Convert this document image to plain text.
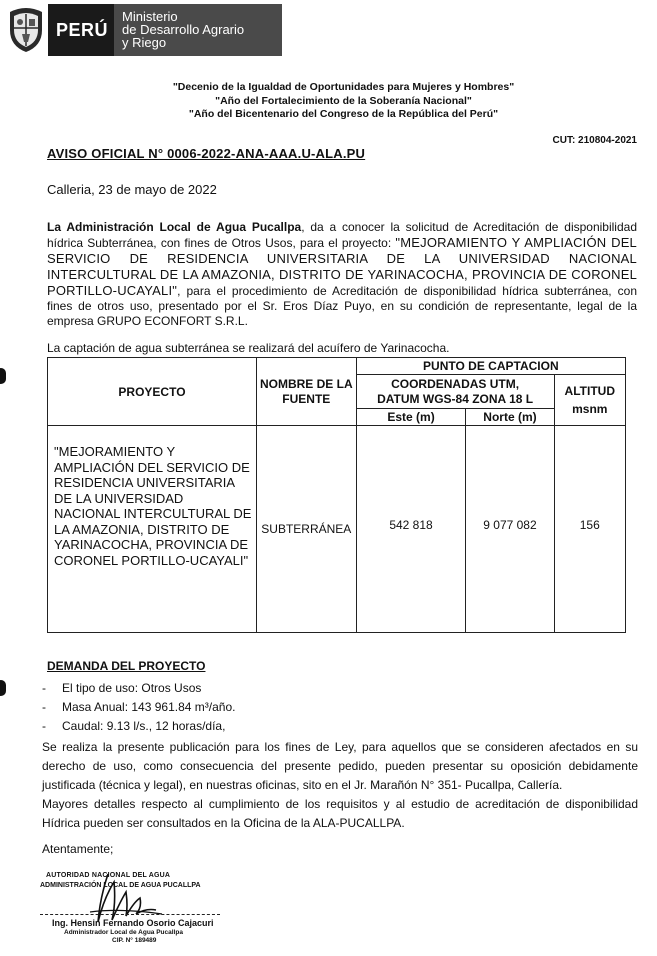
PERÚ
Ministerio
de Desarrollo Agrario
y Riego
"Decenio de la Igualdad de Oportunidades para Mujeres y Hombres"
"Año del Fortalecimiento de la Soberanía Nacional"
"Año del Bicentenario del Congreso de la República del Perú"
CUT: 210804-2021
AVISO OFICIAL N° 0006-2022-ANA-AAA.U-ALA.PU
Calleria, 23 de mayo de 2022
La Administración Local de Agua Pucallpa, da a conocer la solicitud de Acreditación de disponibilidad hídrica Subterránea, con fines de Otros Usos, para el proyecto: "MEJORAMIENTO Y AMPLIACIÓN DEL SERVICIO DE RESIDENCIA UNIVERSITARIA DE LA UNIVERSIDAD NACIONAL INTERCULTURAL DE LA AMAZONIA, DISTRITO DE YARINACOCHA, PROVINCIA DE CORONEL PORTILLO-UCAYALI", para el procedimiento de Acreditación de disponibilidad hídrica subterránea, con fines de otros uso, presentado por el Sr. Eros Díaz Puyo, en su condición de representante, legal de la empresa GRUPO ECONFORT S.R.L.
La captación de agua subterránea se realizará del acuífero de Yarinacocha.
PROYECTO	NOMBRE DE LA FUENTE	PUNTO DE CAPTACION		
		COORDENADAS UTM, DATUM WGS-84 ZONA 18 L		ALTITUD msnm
		Este (m)	Norte (m)	
"MEJORAMIENTO Y AMPLIACIÓN DEL SERVICIO DE RESIDENCIA UNIVERSITARIA DE LA UNIVERSIDAD NACIONAL INTERCULTURAL DE LA AMAZONIA, DISTRITO DE YARINACOCHA, PROVINCIA DE CORONEL PORTILLO-UCAYALI"	SUBTERRÁNEA	542 818	9 077 082	156
DEMANDA DEL PROYECTO
- El tipo de uso: Otros Usos
- Masa Anual: 143 961.84 m³/año.
- Caudal: 9.13 l/s., 12 horas/día,
Se realiza la presente publicación para los fines de Ley, para aquellos que se consideren afectados en su derecho de uso, como consecuencia del presente pedido, pueden presentar su oposición debidamente justificada (técnica y legal), en nuestras oficinas, sito en el Jr. Marañón N° 351- Pucallpa, Callería.
Mayores detalles respecto al cumplimiento de los requisitos y al estudio de acreditación de disponibilidad Hídrica pueden ser consultados en la Oficina de la ALA-PUCALLPA.
Atentamente;
AUTORIDAD NACIONAL DEL AGUA
ADMINISTRACIÓN LOCAL DE AGUA PUCALLPA
Ing. Hensin Fernando Osorio Cajacuri
Administrador Local de Agua Pucallpa
CIP. N° 189489
